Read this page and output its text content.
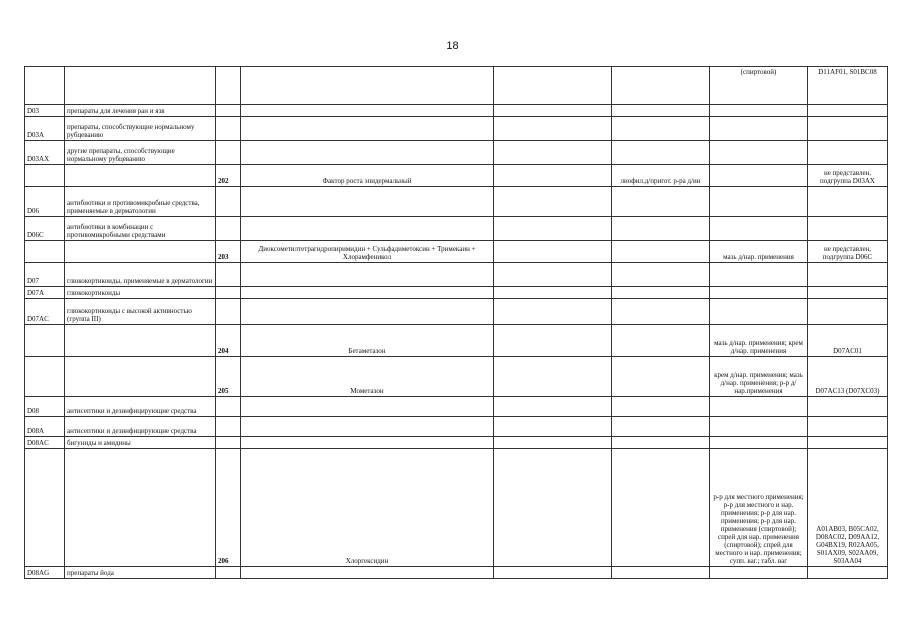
18
						(спиртовой)	D11AF01, S01BC08
D03	препараты для лечения ран и язв						
D03A	препараты, способствующие нормальному рубцеванию						
D03AX	другие препараты, способствующие нормальному рубцеванию						
		202	Фактор роста эпидермальный		лиофил.д/пригот. р-ра д/ин		не представлен, подгруппа D03AX
D06	антибиотики и противомикробные средства, применяемые в дерматологии						
D06C	антибиотики в комбинации с противомикробными средствами						
		203	Диоксометилтетрагидропиримидин + Сульфадиметоксин + Тримекаин + Хлорамфеникол			мазь д/нар. применения	не представлен, подгруппа D06C
D07	глюкокортикоиды, применяемые в дерматологии						
D07A	глюкокортикоиды						
D07AC	глюкокортикоиды с высокой активностью (группа III)						
		204	Бетаметазон			мазь д/нар. применения; крем д/нар. применения	D07AC01
		205	Мометазон			крем д/нар. применения; мазь д/нар. применения; р-р д/нар.применения	D07AC13 (D07XC03)
D08	антисептики и дезинфицирующие средства						
D08A	антисептики и дезинфицирующие средства						
D08AC	бигуниды и амидины						
		206	Хлоргексидин			р-р для местного применения; р-р для местного и нар. применения; р-р для нар. применения; р-р для нар. применения (спиртовой); спрей для нар. применения (спиртовой); спрей для местного и нар. применения; супп. ваг.; табл. ваг	A01AB03, B05CA02, D08AC02, D09AA12, G04BX19, R02AA05, S01AX09, S02AA09, S03AA04
D08AG	препараты йода						
